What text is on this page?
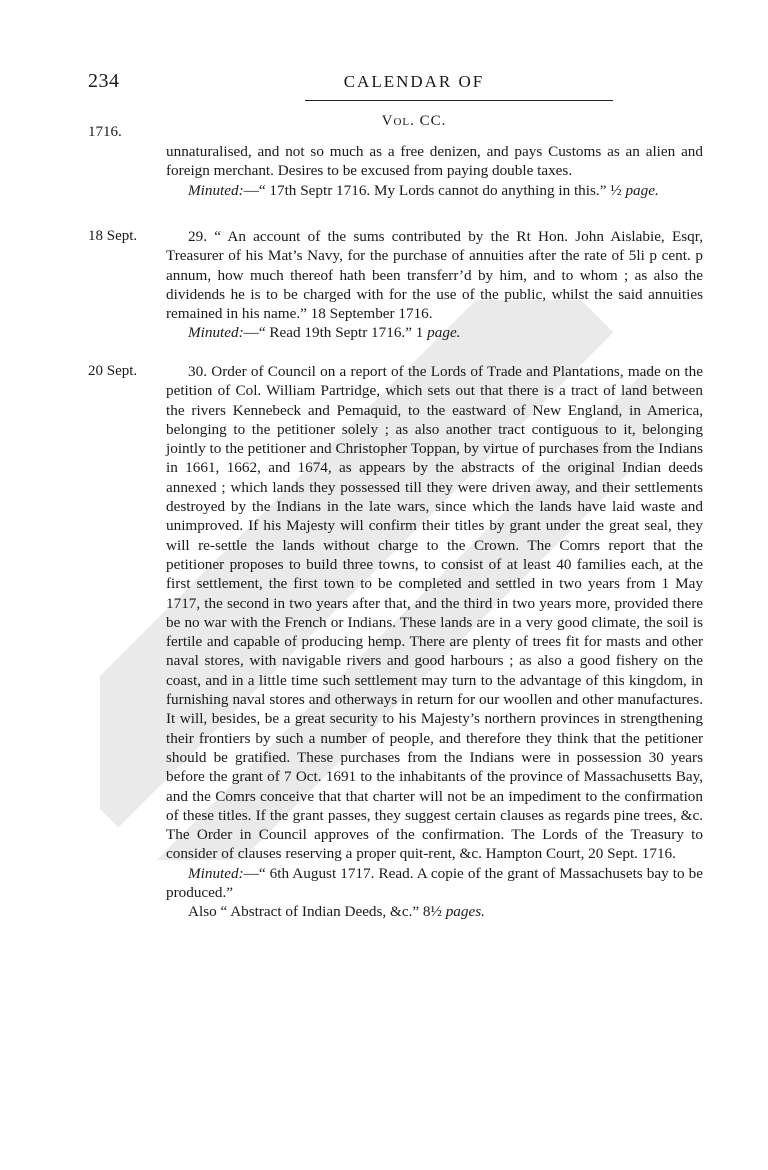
234	CALENDAR OF
Vol. CC.
1716.
18 Sept.
20 Sept.

unnaturalised, and not so much as a free denizen, and pays Customs as an alien and foreign merchant. Desires to be excused from paying double taxes.

Minuted:—“ 17th Septr 1716. My Lords cannot do anything in this.” ½ page.

29. “ An account of the sums contributed by the Rt Hon. John Aislabie, Esqr, Treasurer of his Mat’s Navy, for the purchase of annuities after the rate of 5li p cent. p annum, how much thereof hath been transferr’d by him, and to whom ; as also the dividends he is to be charged with for the use of the public, whilst the said annuities remained in his name.” 18 September 1716.

Minuted:—“ Read 19th Septr 1716.” 1 page.

30. Order of Council on a report of the Lords of Trade and Plantations, made on the petition of Col. William Partridge, which sets out that there is a tract of land between the rivers Kennebeck and Pemaquid, to the eastward of New England, in America, belonging to the petitioner solely ; as also another tract contiguous to it, belonging jointly to the petitioner and Christopher Toppan, by virtue of purchases from the Indians in 1661, 1662, and 1674, as appears by the abstracts of the original Indian deeds annexed ; which lands they possessed till they were driven away, and their settlements destroyed by the Indians in the late wars, since which the lands have laid waste and unimproved. If his Majesty will confirm their titles by grant under the great seal, they will re-settle the lands without charge to the Crown. The Comrs report that the petitioner proposes to build three towns, to consist of at least 40 families each, at the first settlement, the first town to be completed and settled in two years from 1 May 1717, the second in two years after that, and the third in two years more, provided there be no war with the French or Indians. These lands are in a very good climate, the soil is fertile and capable of producing hemp. There are plenty of trees fit for masts and other naval stores, with navigable rivers and good harbours ; as also a good fishery on the coast, and in a little time such settlement may turn to the advantage of this kingdom, in furnishing naval stores and otherways in return for our woollen and other manufactures. It will, besides, be a great security to his Majesty’s northern provinces in strengthening their frontiers by such a number of people, and therefore they think that the petitioner should be gratified. These purchases from the Indians were in possession 30 years before the grant of 7 Oct. 1691 to the inhabitants of the province of Massachusetts Bay, and the Comrs conceive that that charter will not be an impediment to the confirmation of these titles. If the grant passes, they suggest certain clauses as regards pine trees, &c. The Order in Council approves of the confirmation. The Lords of the Treasury to consider of clauses reserving a proper quit-rent, &c. Hampton Court, 20 Sept. 1716.

Minuted:—“ 6th August 1717. Read. A copie of the grant of Massachusets bay to be produced.”

Also “ Abstract of Indian Deeds, &c.” 8½ pages.
